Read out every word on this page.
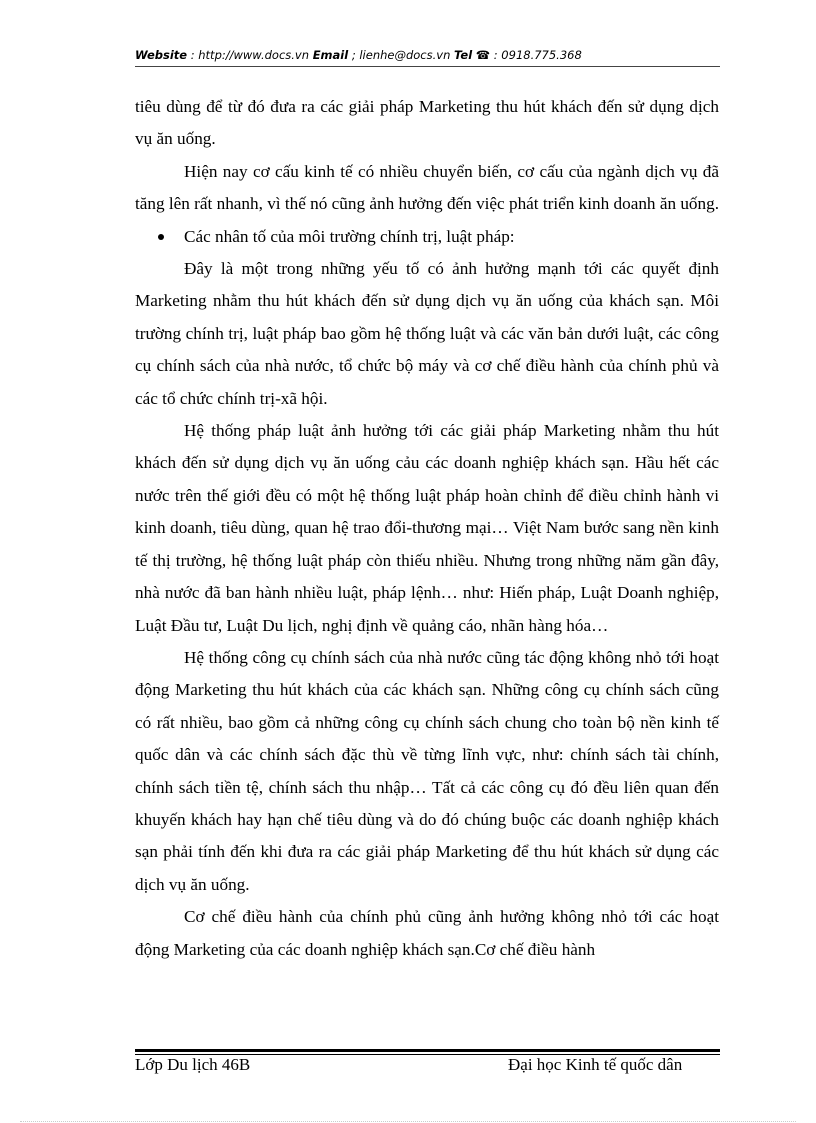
Website : http://www.docs.vn Email ; lienhe@docs.vn Tel ☎ : 0918.775.368

tiêu dùng để từ đó đưa ra các giải pháp Marketing thu hút khách đến sử dụng dịch vụ ăn uống.

Hiện nay cơ cấu kinh tế có nhiều chuyển biến, cơ cấu của ngành dịch vụ đã tăng lên rất nhanh, vì thế nó cũng ảnh hưởng đến việc phát triển kinh doanh ăn uống.

Các nhân tố của môi trường chính trị, luật pháp:

Đây là một trong những yếu tố có ảnh hưởng mạnh tới các quyết định Marketing nhằm thu hút khách đến sử dụng dịch vụ ăn uống của khách sạn. Môi trường chính trị, luật pháp bao gồm hệ thống luật và các văn bản dưới luật, các công cụ chính sách của nhà nước, tổ chức bộ máy và cơ chế điều hành của chính phủ và các tổ chức chính trị-xã hội.

Hệ thống pháp luật ảnh hưởng tới các giải pháp Marketing nhằm thu hút khách đến sử dụng dịch vụ ăn uống cảu các doanh nghiệp khách sạn. Hầu hết các nước trên thế giới đều có một hệ thống luật pháp hoàn chỉnh để điều chỉnh hành vi kinh doanh, tiêu dùng, quan hệ trao đổi-thương mại… Việt Nam bước sang nền kinh tế thị trường, hệ thống luật pháp còn thiếu nhiều. Nhưng trong những năm gần đây, nhà nước đã ban hành nhiều luật, pháp lệnh… như: Hiến pháp, Luật Doanh nghiệp, Luật Đầu tư, Luật Du lịch, nghị định về quảng cáo, nhãn hàng hóa…

Hệ thống công cụ chính sách của nhà nước cũng tác động không nhỏ tới hoạt động Marketing thu hút khách của các khách sạn. Những công cụ chính sách cũng có rất nhiều, bao gồm cả những công cụ chính sách chung cho toàn bộ nền kinh tế quốc dân và các chính sách đặc thù về từng lĩnh vực, như: chính sách tài chính, chính sách tiền tệ, chính sách thu nhập… Tất cả các công cụ đó đều liên quan đến khuyến khách hay hạn chế tiêu dùng và do đó chúng buộc các doanh nghiệp khách sạn phải tính đến khi đưa ra các giải pháp Marketing để thu hút khách sử dụng các dịch vụ ăn uống.

Cơ chế điều hành của chính phủ cũng ảnh hưởng không nhỏ tới các hoạt động Marketing của các doanh nghiệp khách sạn.Cơ chế điều hành

Lớp Du lịch 46B	Đại học Kinh tế quốc dân
